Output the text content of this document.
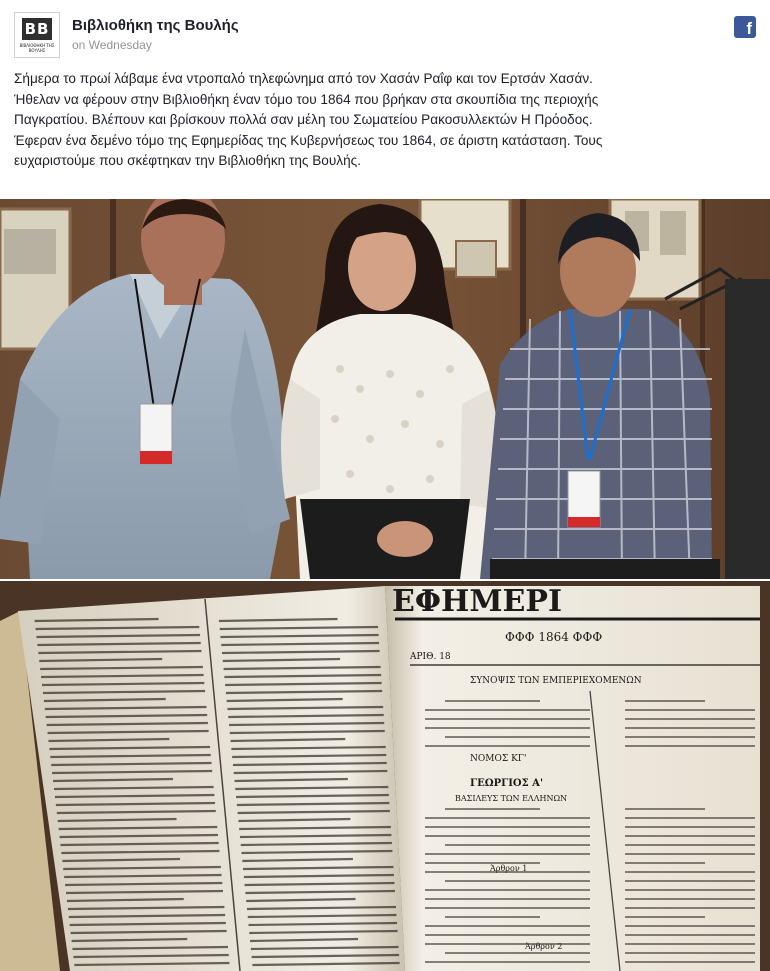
BB
ΒΙΒΛΙΟΘΗΚΗ ΤΗΣ ΒΟΥΛΗΣ
Βιβλιοθήκη της Βουλής
on Wednesday
f

Σήμερα το πρωί λάβαμε ένα ντροπαλό τηλεφώνημα από τον Χασάν Ραΐφ και τον Ερτσάν Χασάν.

Ήθελαν να φέρουν στην Βιβλιοθήκη έναν τόμο του 1864 που βρήκαν στα σκουπίδια της περιοχής

Παγκρατίου. Βλέπουν και βρίσκουν πολλά σαν μέλη του Σωματείου Ρακοσυλλεκτών Η Πρόοδος.

Έφεραν ένα δεμένο τόμο της Εφημερίδας της Κυβερνήσεως του 1864, σε άριστη κατάσταση. Τους

ευχαριστούμε που σκέφτηκαν την Βιβλιοθήκη της Βουλής.

ΕΦΗΜΕΡΙ
ΦΦΦ 1864 ΦΦΦ
ΑΡΙΘ. 18
ΣΥΝΟΨΙΣ ΤΩΝ ΕΜΠΕΡΙΕΧΟΜΕΝΩΝ
ΝΟΜΟΣ ΚΓ'
ΓΕΩΡΓΙΟΣ Α'
ΒΑΣΙΛΕΥΣ ΤΩΝ ΕΛΛΗΝΩΝ
Άρθρον 1
Άρθρον 2
